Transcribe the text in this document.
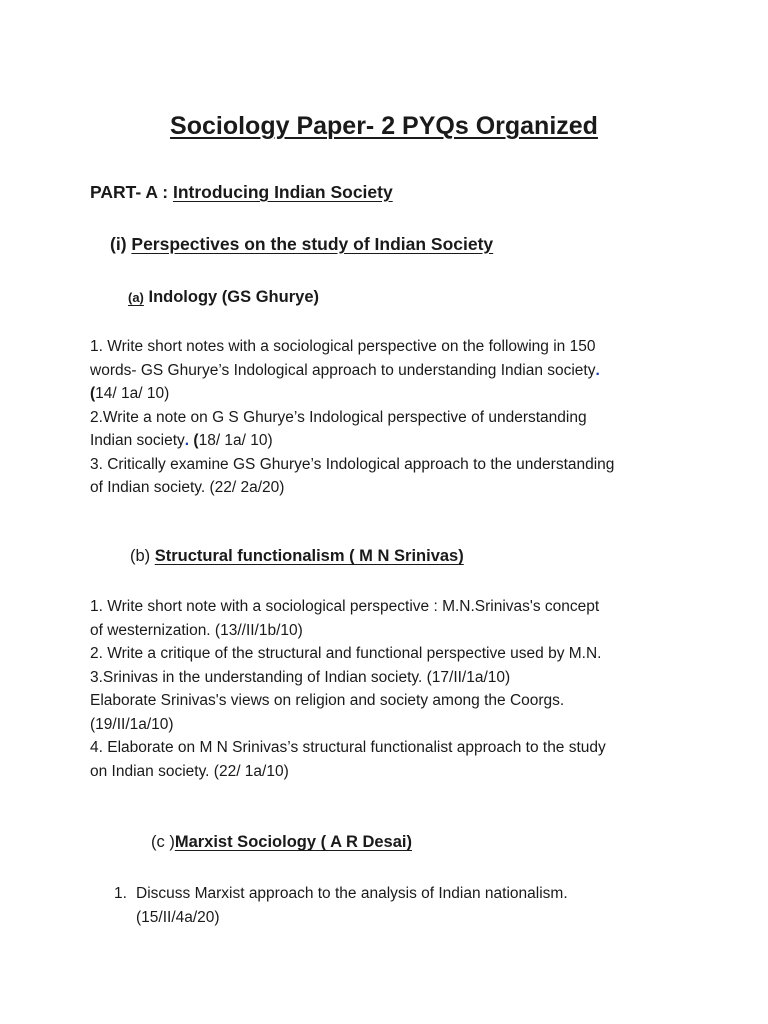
Sociology Paper- 2 PYQs Organized
PART- A : Introducing Indian Society
(i) Perspectives on the study of Indian Society
(a) Indology (GS Ghurye)
1. Write short notes with a sociological perspective on the following in 150
words- GS Ghurye’s Indological approach to understanding Indian society.
(14/ 1a/ 10)
2.Write a note on G S Ghurye’s Indological perspective of understanding
Indian society. (18/ 1a/ 10)
3. Critically examine GS Ghurye’s Indological approach to the understanding
of Indian society. (22/ 2a/20)
(b) Structural functionalism ( M N Srinivas)
1. Write short note with a sociological perspective : M.N.Srinivas's concept
of westernization. (13//II/1b/10)
2. Write a critique of the structural and functional perspective used by M.N.
3.Srinivas in the understanding of Indian society. (17/II/1a/10)
Elaborate Srinivas's views on religion and society among the Coorgs.
(19/II/1a/10)
4. Elaborate on M N Srinivas’s structural functionalist approach to the study
on Indian society. (22/ 1a/10)
(c )Marxist Sociology ( A R Desai)
1. Discuss Marxist approach to the analysis of Indian nationalism.
(15/II/4a/20)
